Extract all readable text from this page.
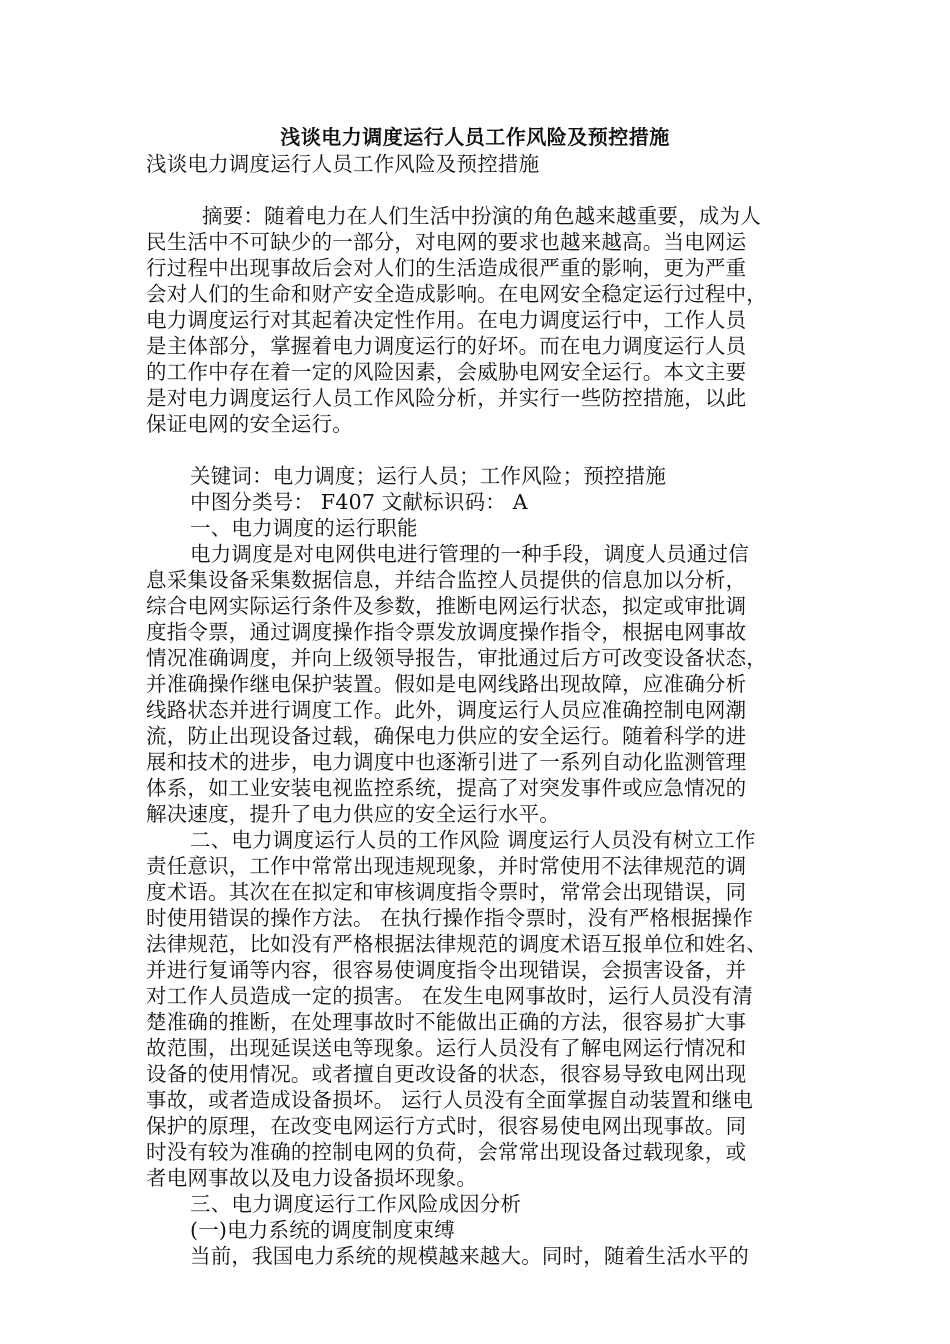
浅谈电力调度运行人员工作风险及预控措施
浅谈电力调度运行人员工作风险及预控措施
摘要：随着电力在人们生活中扮演的角色越来越重要，成为人
民生活中不可缺少的一部分，对电网的要求也越来越高。当电网运
行过程中出现事故后会对人们的生活造成很严重的影响，更为严重
会对人们的生命和财产安全造成影响。在电网安全稳定运行过程中，
电力调度运行对其起着决定性作用。在电力调度运行中，工作人员
是主体部分，掌握着电力调度运行的好坏。而在电力调度运行人员
的工作中存在着一定的风险因素，会威胁电网安全运行。本文主要
是对电力调度运行人员工作风险分析，并实行一些防控措施，以此
保证电网的安全运行。
关键词：电力调度；运行人员；工作风险；预控措施
中图分类号： F407 文献标识码： A
一、电力调度的运行职能
电力调度是对电网供电进行管理的一种手段，调度人员通过信
息采集设备采集数据信息，并结合监控人员提供的信息加以分析，
综合电网实际运行条件及参数，推断电网运行状态，拟定或审批调
度指令票，通过调度操作指令票发放调度操作指令，根据电网事故
情况准确调度，并向上级领导报告，审批通过后方可改变设备状态，
并准确操作继电保护装置。假如是电网线路出现故障，应准确分析
线路状态并进行调度工作。此外，调度运行人员应准确控制电网潮
流，防止出现设备过载，确保电力供应的安全运行。随着科学的进
展和技术的进步，电力调度中也逐渐引进了一系列自动化监测管理
体系，如工业安装电视监控系统，提高了对突发事件或应急情况的
解决速度，提升了电力供应的安全运行水平。
二、电力调度运行人员的工作风险 调度运行人员没有树立工作
责任意识，工作中常常出现违规现象，并时常使用不法律规范的调
度术语。其次在在拟定和审核调度指令票时，常常会出现错误，同
时使用错误的操作方法。 在执行操作指令票时，没有严格根据操作
法律规范，比如没有严格根据法律规范的调度术语互报单位和姓名、
并进行复诵等内容，很容易使调度指令出现错误，会损害设备，并
对工作人员造成一定的损害。 在发生电网事故时，运行人员没有清
楚准确的推断，在处理事故时不能做出正确的方法，很容易扩大事
故范围，出现延误送电等现象。运行人员没有了解电网运行情况和
设备的使用情况。或者擅自更改设备的状态，很容易导致电网出现
事故，或者造成设备损坏。 运行人员没有全面掌握自动装置和继电
保护的原理，在改变电网运行方式时，很容易使电网出现事故。同
时没有较为准确的控制电网的负荷，会常常出现设备过载现象，或
者电网事故以及电力设备损坏现象。
三、电力调度运行工作风险成因分析
(一)电力系统的调度制度束缚
当前，我国电力系统的规模越来越大。同时，随着生活水平的
